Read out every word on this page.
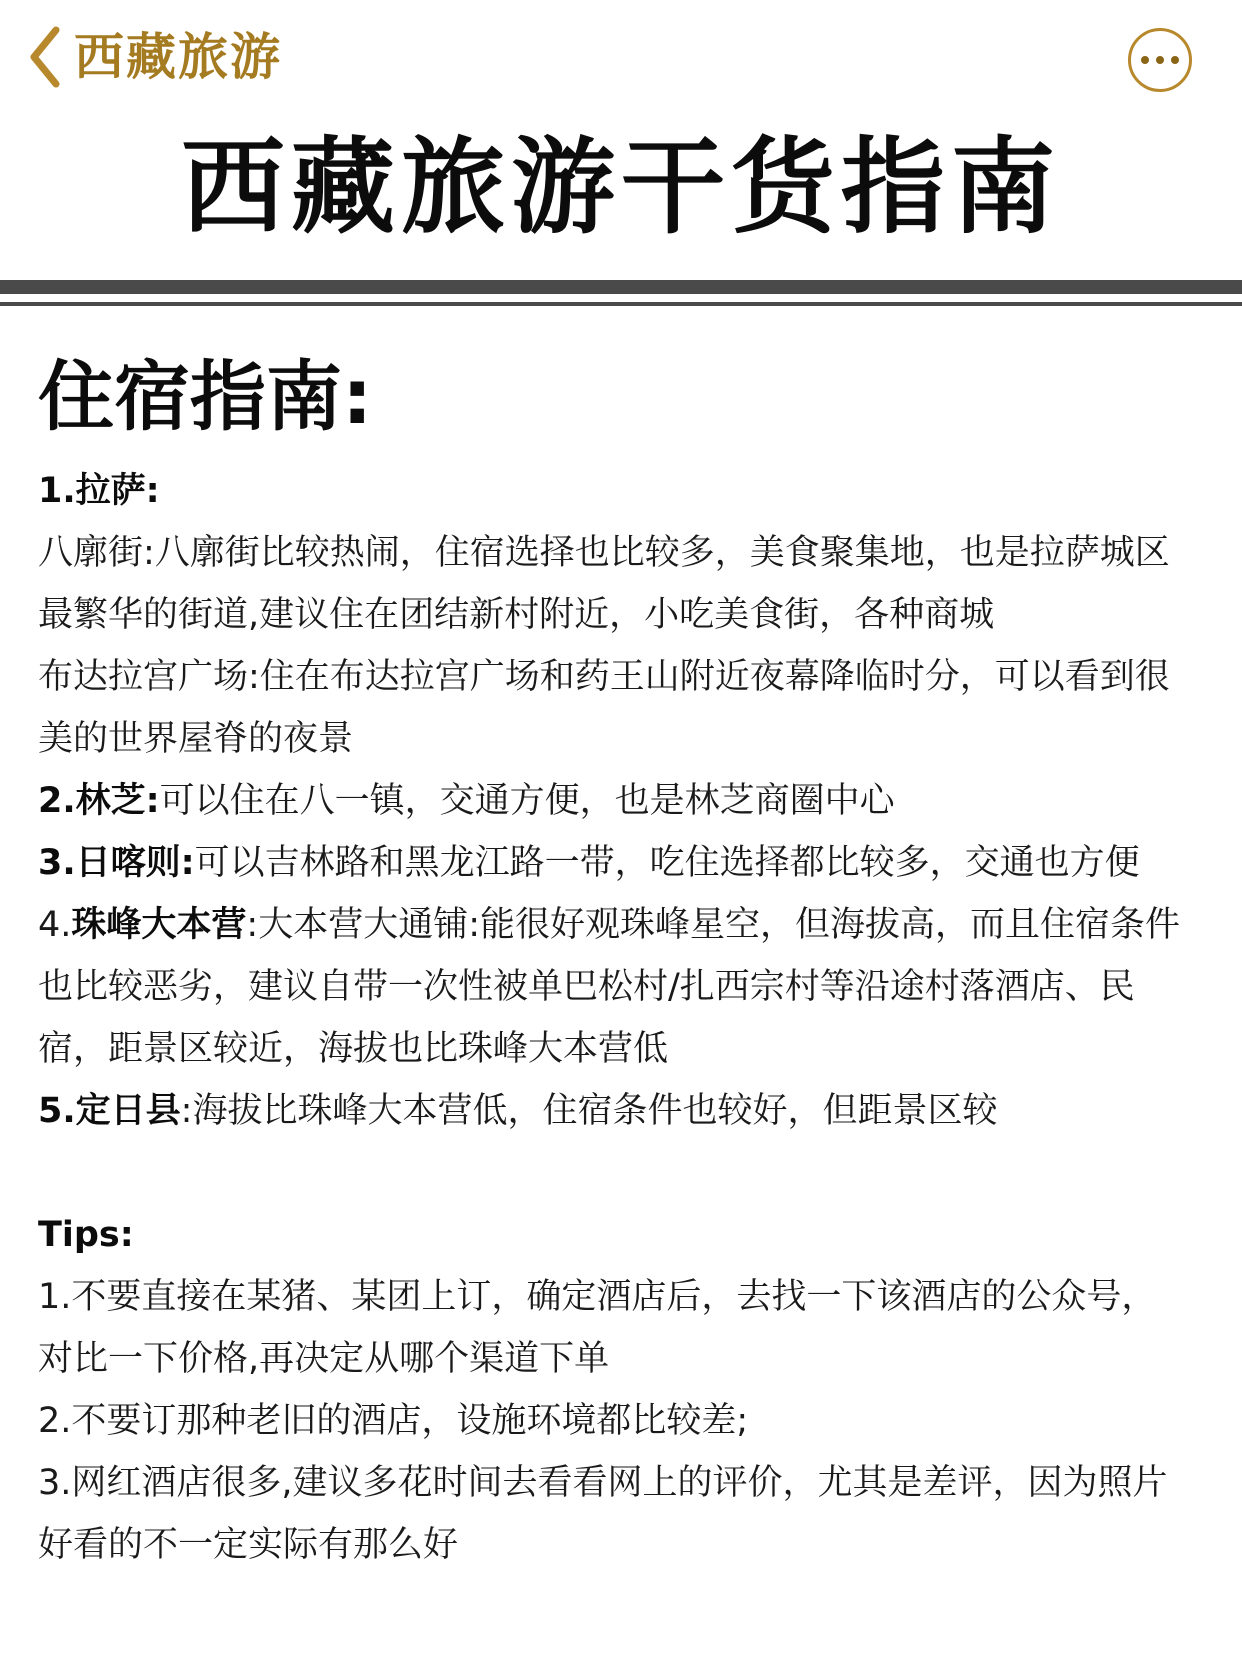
西藏旅游
西藏旅游干货指南
住宿指南:
1.拉萨:
八廓街:八廓街比较热闹，住宿选择也比较多，美食聚集地，也是拉萨城区
最繁华的街道,建议住在团结新村附近，小吃美食街，各种商城
布达拉宫广场:住在布达拉宫广场和药王山附近夜幕降临时分，可以看到很
美的世界屋脊的夜景
2.林芝:可以住在八一镇，交通方便，也是林芝商圈中心
3.日喀则:可以吉林路和黑龙江路一带，吃住选择都比较多，交通也方便
4.珠峰大本营:大本营大通铺:能很好观珠峰星空，但海拔高，而且住宿条件
也比较恶劣，建议自带一次性被单巴松村/扎西宗村等沿途村落酒店、民
宿，距景区较近，海拔也比珠峰大本营低
5.定日县:海拔比珠峰大本营低，住宿条件也较好，但距景区较
Tips:
1.不要直接在某猪、某团上订，确定酒店后，去找一下该酒店的公众号，
对比一下价格,再决定从哪个渠道下单
2.不要订那种老旧的酒店，设施环境都比较差;
3.网红酒店很多,建议多花时间去看看网上的评价，尤其是差评，因为照片
好看的不一定实际有那么好
